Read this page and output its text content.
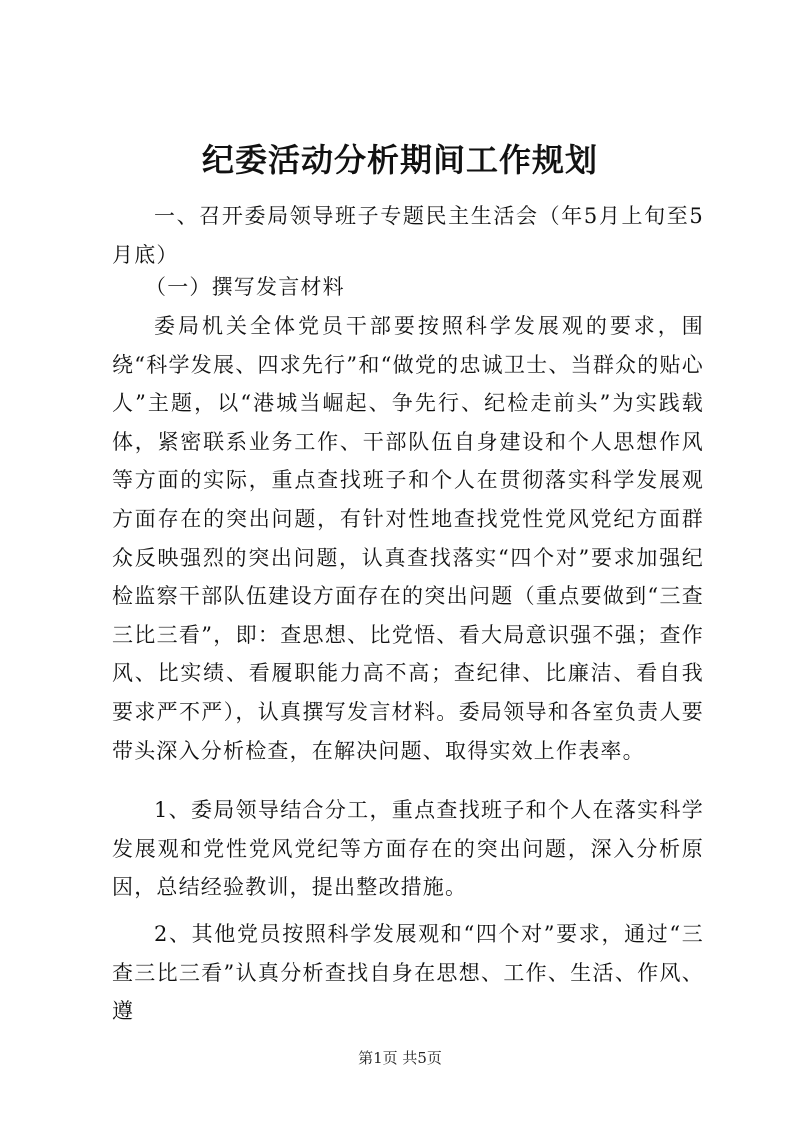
纪委活动分析期间工作规划

一、召开委局领导班子专题民主生活会（年5月上旬至5月底）

（一）撰写发言材料

委局机关全体党员干部要按照科学发展观的要求，围绕“科学发展、四求先行”和“做党的忠诚卫士、当群众的贴心人”主题，以“港城当崛起、争先行、纪检走前头”为实践载体，紧密联系业务工作、干部队伍自身建设和个人思想作风等方面的实际，重点查找班子和个人在贯彻落实科学发展观方面存在的突出问题，有针对性地查找党性党风党纪方面群众反映强烈的突出问题，认真查找落实“四个对”要求加强纪检监察干部队伍建设方面存在的突出问题（重点要做到“三查三比三看”，即：查思想、比党悟、看大局意识强不强；查作风、比实绩、看履职能力高不高；查纪律、比廉洁、看自我要求严不严），认真撰写发言材料。委局领导和各室负责人要带头深入分析检查，在解决问题、取得实效上作表率。

1、委局领导结合分工，重点查找班子和个人在落实科学发展观和党性党风党纪等方面存在的突出问题，深入分析原因，总结经验教训，提出整改措施。

2、其他党员按照科学发展观和“四个对”要求，通过“三查三比三看”认真分析查找自身在思想、工作、生活、作风、遵

第1页 共5页
